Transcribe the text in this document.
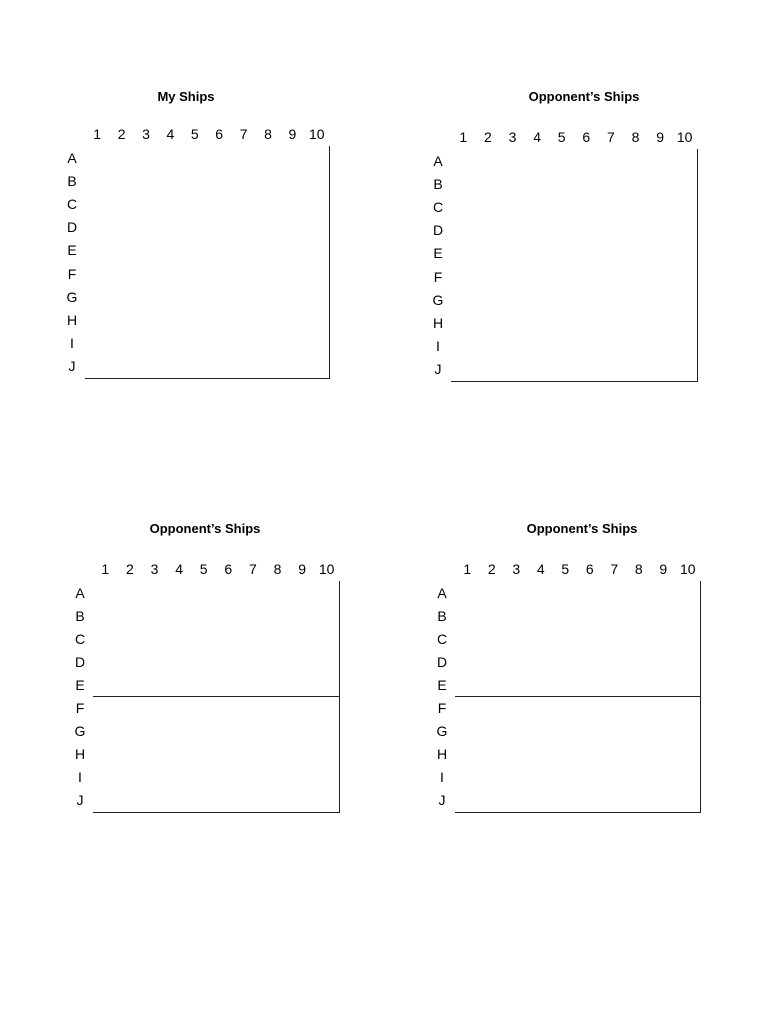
My Ships
1	2	3	4	5	6	7	8	9 10
A
B
C
D
E
F
G
H
I
J
Opponent’s Ships
1	2	3	4	5	6	7	8	9 10
A
B
C
D
E
F
G
H
I
J
Opponent’s Ships
1	2	3	4	5	6	7	8	9 10
A
B
C
D
E
F
G
H
I
J
Opponent’s Ships
1	2	3	4	5	6	7	8	9 10
A
B
C
D
E
F
G
H
I
J
